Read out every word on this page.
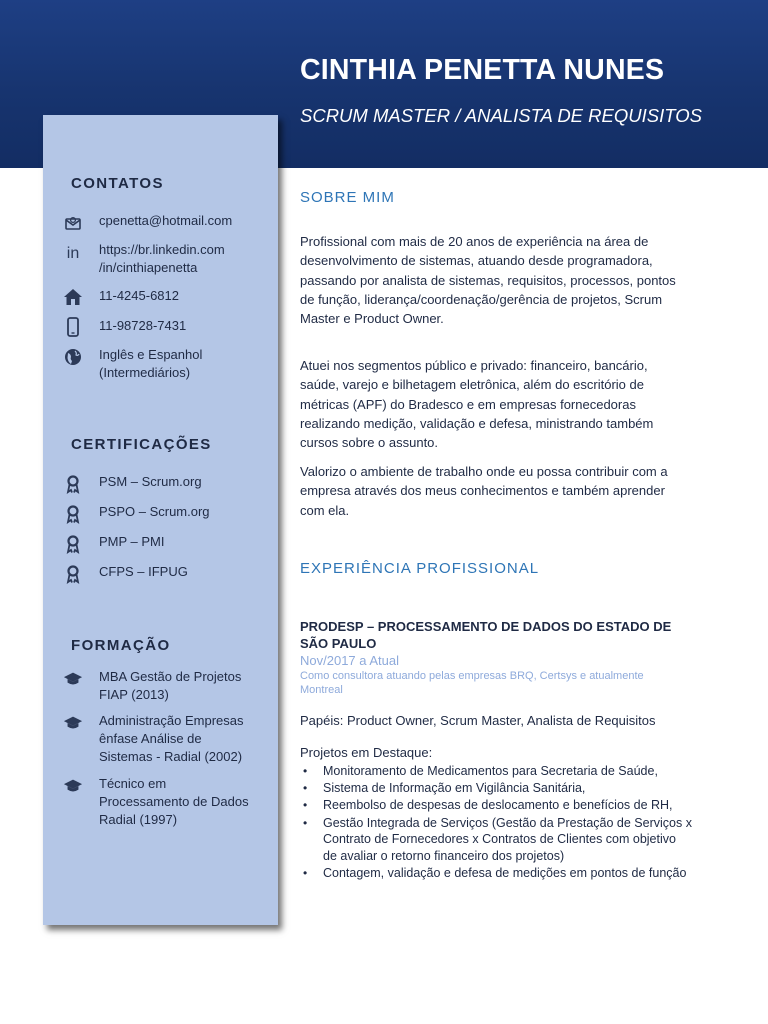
CINTHIA PENETTA NUNES
SCRUM MASTER / ANALISTA DE REQUISITOS
CONTATOS
cpenetta@hotmail.com
in https://br.linkedin.com
/in/cinthiapenetta
11-4245-6812
11-98728-7431
Inglês e Espanhol
(Intermediários)
CERTIFICAÇÕES
PSM – Scrum.org
PSPO – Scrum.org
PMP – PMI
CFPS – IFPUG
FORMAÇÃO
MBA Gestão de Projetos
FIAP (2013)
Administração Empresas
ênfase Análise de
Sistemas - Radial (2002)
Técnico em
Processamento de Dados
Radial (1997)
SOBRE MIM
Profissional com mais de 20 anos de experiência na área de desenvolvimento de sistemas, atuando desde programadora, passando por analista de sistemas, requisitos, processos, pontos de função, liderança/coordenação/gerência de projetos, Scrum Master e Product Owner.
Atuei nos segmentos público e privado: financeiro, bancário, saúde, varejo e bilhetagem eletrônica, além do escritório de métricas (APF) do Bradesco e em empresas fornecedoras realizando medição, validação e defesa, ministrando também cursos sobre o assunto.
Valorizo o ambiente de trabalho onde eu possa contribuir com a empresa através dos meus conhecimentos e também aprender com ela.
EXPERIÊNCIA PROFISSIONAL
PRODESP – PROCESSAMENTO DE DADOS DO ESTADO DE SÃO PAULO
Nov/2017 a Atual
Como consultora atuando pelas empresas BRQ, Certsys e atualmente Montreal
Papéis: Product Owner, Scrum Master, Analista de Requisitos
Projetos em Destaque:
• Monitoramento de Medicamentos para Secretaria de Saúde,
• Sistema de Informação em Vigilância Sanitária,
• Reembolso de despesas de deslocamento e benefícios de RH,
• Gestão Integrada de Serviços (Gestão da Prestação de Serviços x Contrato de Fornecedores x Contratos de Clientes com objetivo de avaliar o retorno financeiro dos projetos)
• Contagem, validação e defesa de medições em pontos de função
